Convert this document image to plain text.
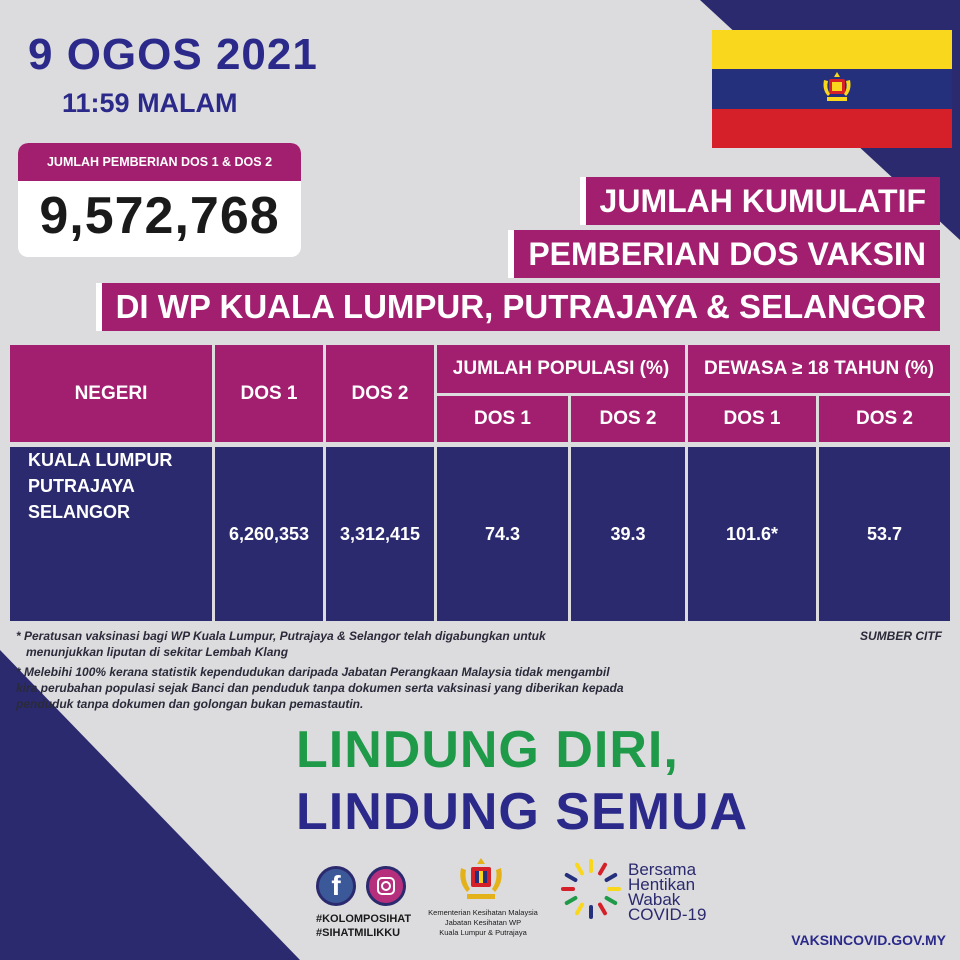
9 OGOS 2021
11:59 MALAM
JUMLAH PEMBERIAN DOS 1 & DOS 2
9,572,768	JUMLAH KUMULATIF
PEMBERIAN DOS VAKSIN
DI WP KUALA LUMPUR, PUTRAJAYA & SELANGOR
NEGERI	DOS 1	DOS 2
JUMLAH POPULASI (%)	DEWASA ≥ 18 TAHUN (%)
DOS 1	DOS 2	DOS 1	DOS 2
KUALA LUMPUR
PUTRAJAYA
SELANGOR
6,260,353	3,312,415	74.3	39.3	101.6*	53.7
* Peratusan vaksinasi bagi WP Kuala Lumpur, Putrajaya & Selangor telah digabungkan untuk
menunjukkan liputan di sekitar Lembah Klang
* Melebihi 100% kerana statistik kependudukan daripada Jabatan Perangkaan Malaysia tidak mengambil
kira perubahan populasi sejak Banci dan penduduk tanpa dokumen serta vaksinasi yang diberikan kepada
penduduk tanpa dokumen dan golongan bukan pemastautin.
SUMBER CITF
LINDUNG DIRI,
LINDUNG SEMUA
f
#KOLOMPOSIHAT
#SIHATMILIKKU
Kementerian Kesihatan Malaysia
Jabatan Kesihatan WP
Kuala Lumpur & Putrajaya
Bersama
Hentikan
Wabak
COVID-19
VAKSINCOVID.GOV.MY
